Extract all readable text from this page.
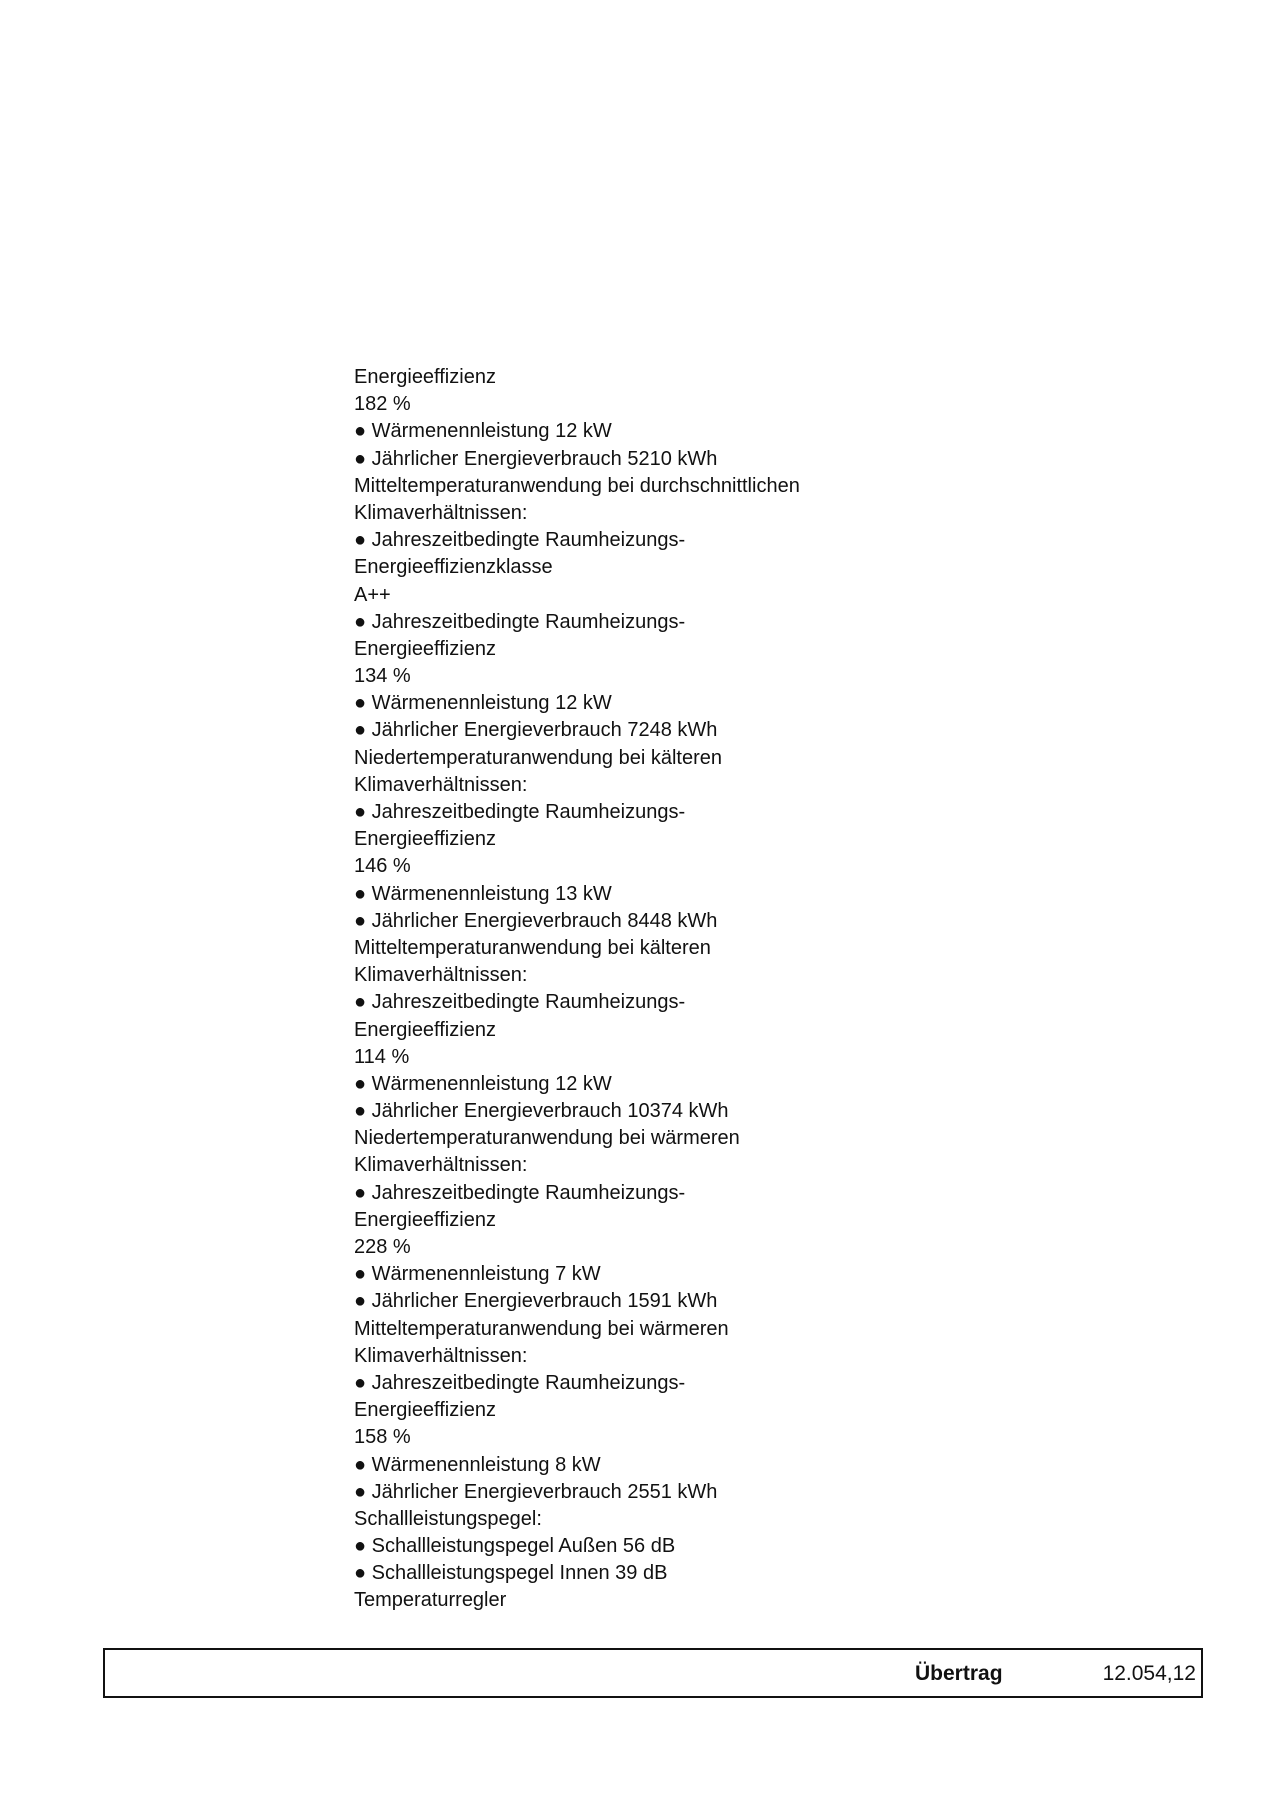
Energieeffizienz

182 %

● Wärmenennleistung 12 kW

● Jährlicher Energieverbrauch 5210 kWh

Mitteltemperaturanwendung bei durchschnittlichen

Klimaverhältnissen:

● Jahreszeitbedingte Raumheizungs-

Energieeffizienzklasse

A++

● Jahreszeitbedingte Raumheizungs-

Energieeffizienz

134 %

● Wärmenennleistung 12 kW

● Jährlicher Energieverbrauch 7248 kWh

Niedertemperaturanwendung bei kälteren

Klimaverhältnissen:

● Jahreszeitbedingte Raumheizungs-

Energieeffizienz

146 %

● Wärmenennleistung 13 kW

● Jährlicher Energieverbrauch 8448 kWh

Mitteltemperaturanwendung bei kälteren

Klimaverhältnissen:

● Jahreszeitbedingte Raumheizungs-

Energieeffizienz

114 %

● Wärmenennleistung 12 kW

● Jährlicher Energieverbrauch 10374 kWh

Niedertemperaturanwendung bei wärmeren

Klimaverhältnissen:

● Jahreszeitbedingte Raumheizungs-

Energieeffizienz

228 %

● Wärmenennleistung 7 kW

● Jährlicher Energieverbrauch 1591 kWh

Mitteltemperaturanwendung bei wärmeren

Klimaverhältnissen:

● Jahreszeitbedingte Raumheizungs-

Energieeffizienz

158 %

● Wärmenennleistung 8 kW

● Jährlicher Energieverbrauch 2551 kWh

Schallleistungspegel:

● Schallleistungspegel Außen 56 dB

● Schallleistungspegel Innen 39 dB

Temperaturregler

Übertrag	12.054,12
